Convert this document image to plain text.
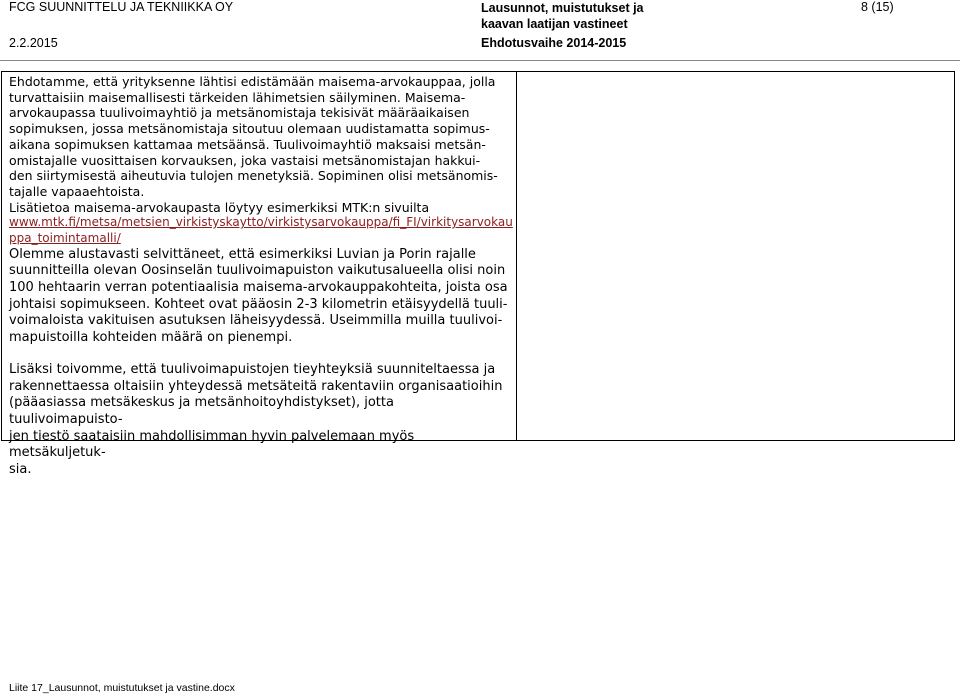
FCG SUUNNITTELU JA TEKNIIKKA OY	Lausunnot, muistutukset ja
kaavan laatijan vastineet
8 (15)
2.2.2015	Ehdotusvaihe 2014-2015
Ehdotamme, että yrityksenne lähtisi edistämään maisema-arvokauppaa, jolla
turvattaisiin maisemallisesti tärkeiden lähimetsien säilyminen. Maisema-
arvokaupassa tuulivoimayhtiö ja metsänomistaja tekisivät määräaikaisen
sopimuksen, jossa metsänomistaja sitoutuu olemaan uudistamatta sopimus-
aikana sopimuksen kattamaa metsäänsä. Tuulivoimayhtiö maksaisi metsän-
omistajalle vuosittaisen korvauksen, joka vastaisi metsänomistajan hakkui-
den siirtymisestä aiheutuvia tulojen menetyksiä. Sopiminen olisi metsänomis-
tajalle vapaaehtoista.
Lisätietoa maisema-arvokaupasta löytyy esimerkiksi MTK:n sivuilta
www.mtk.fi/metsa/metsien_virkistyskaytto/virkistysarvokauppa/fi_FI/virkitysarvokau
ppa_toimintamalli/
Olemme alustavasti selvittäneet, että esimerkiksi Luvian ja Porin rajalle
suunnitteilla olevan Oosinselän tuulivoimapuiston vaikutusalueella olisi noin
100 hehtaarin verran potentiaalisia maisema-arvokauppakohteita, joista osa
johtaisi sopimukseen. Kohteet ovat pääosin 2-3 kilometrin etäisyydellä tuuli-
voimaloista vakituisen asutuksen läheisyydessä. Useimmilla muilla tuulivoi-
mapuistoilla kohteiden määrä on pienempi.
Lisäksi toivomme, että tuulivoimapuistojen tieyhteyksiä suunniteltaessa ja
rakennettaessa oltaisiin yhteydessä metsäteitä rakentaviin organisaatioihin
(pääasiassa metsäkeskus ja metsänhoitoyhdistykset), jotta tuulivoimapuisto-
jen tiestö saataisiin mahdollisimman hyvin palvelemaan myös metsäkuljetuk-
sia.
Liite 17_Lausunnot, muistutukset ja vastine.docx
